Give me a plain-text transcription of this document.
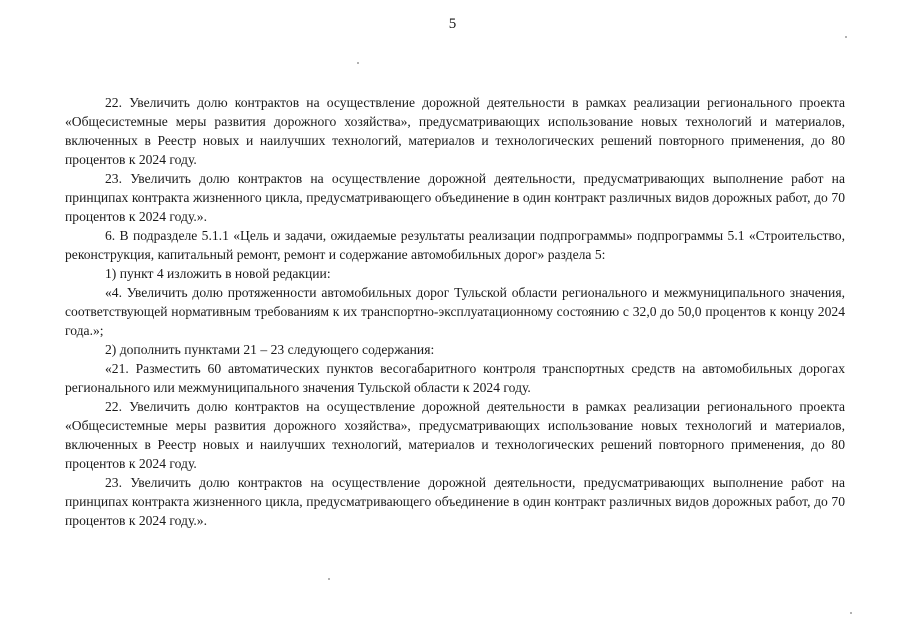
5

22. Увеличить долю контрактов на осуществление дорожной деятельности в рамках реализации регионального проекта «Общесистемные меры развития дорожного хозяйства», предусматривающих использование новых технологий и материалов, включенных в Реестр новых и наилучших технологий, материалов и технологических решений повторного применения, до 80 процентов к 2024 году.

23. Увеличить долю контрактов на осуществление дорожной деятельности, предусматривающих выполнение работ на принципах контракта жизненного цикла, предусматривающего объединение в один контракт различных видов дорожных работ, до 70 процентов к 2024 году.».

6. В подразделе 5.1.1 «Цель и задачи, ожидаемые результаты реализации подпрограммы» подпрограммы 5.1 «Строительство, реконструкция, капитальный ремонт, ремонт и содержание автомобильных дорог» раздела 5:

1) пункт 4 изложить в новой редакции:

«4. Увеличить долю протяженности автомобильных дорог Тульской области регионального и межмуниципального значения, соответствующей нормативным требованиям к их транспортно-эксплуатационному состоянию с 32,0 до 50,0 процентов к концу 2024 года.»;

2) дополнить пунктами 21 – 23 следующего содержания:

«21. Разместить 60 автоматических пунктов весогабаритного контроля транспортных средств на автомобильных дорогах регионального или межмуниципального значения Тульской области к 2024 году.

22. Увеличить долю контрактов на осуществление дорожной деятельности в рамках реализации регионального проекта «Общесистемные меры развития дорожного хозяйства», предусматривающих использование новых технологий и материалов, включенных в Реестр новых и наилучших технологий, материалов и технологических решений повторного применения, до 80 процентов к 2024 году.

23. Увеличить долю контрактов на осуществление дорожной деятельности, предусматривающих выполнение работ на принципах контракта жизненного цикла, предусматривающего объединение в один контракт различных видов дорожных работ, до 70 процентов к 2024 году.».
